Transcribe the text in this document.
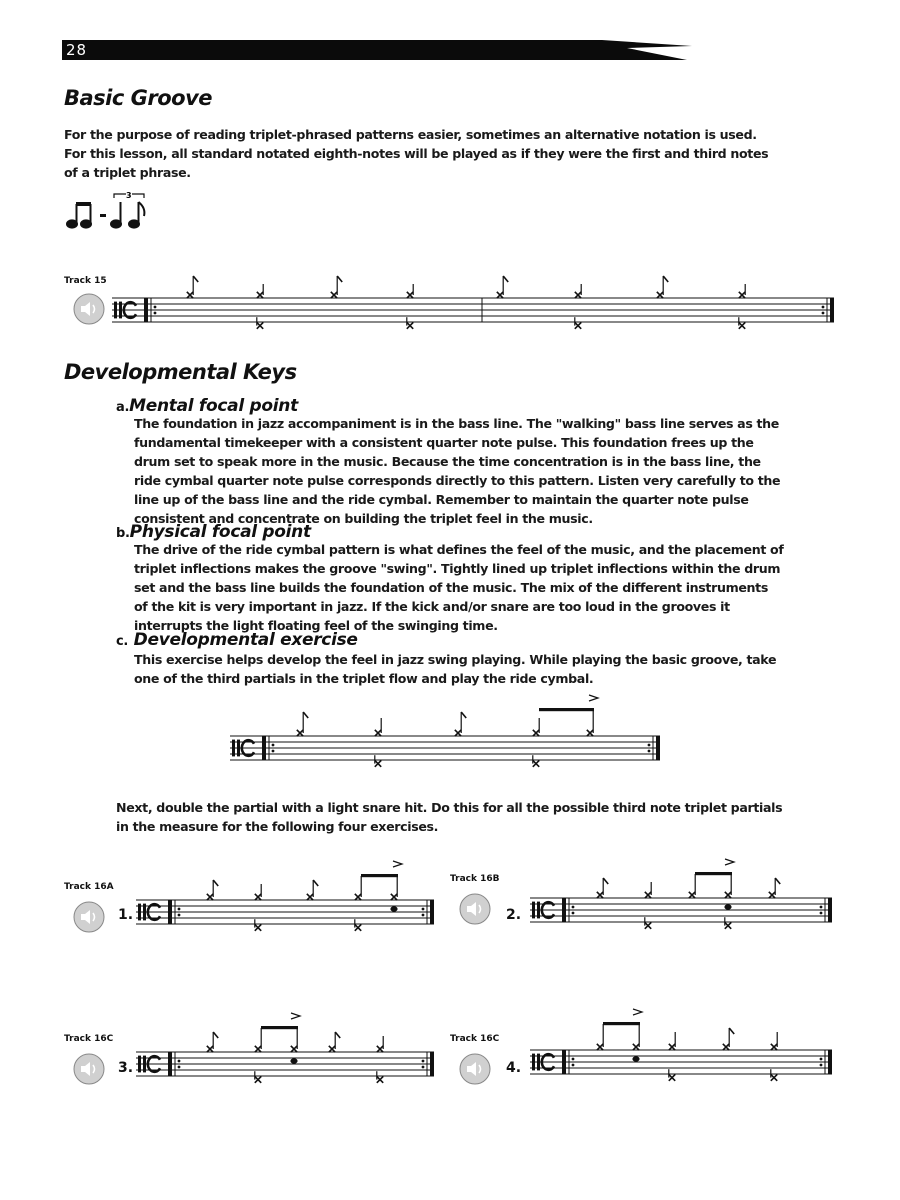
28
Basic Groove

For the purpose of reading triplet-phrased patterns easier, sometimes an alternative notation is used.
For this lesson, all standard notated eighth-notes will be played as if they were the first and third notes
of a triplet phrase.

3
Track 15
Developmental Keys
a.Mental focal point

The foundation in jazz accompaniment is in the bass line. The "walking" bass line serves as the
fundamental timekeeper with a consistent quarter note pulse. This foundation frees up the
drum set to speak more in the music. Because the time concentration is in the bass line, the
ride cymbal quarter note pulse corresponds directly to this pattern. Listen very carefully to the
line up of the bass line and the ride cymbal. Remember to maintain the quarter note pulse
consistent and concentrate on building the triplet feel in the music.

b.Physical focal point

The drive of the ride cymbal pattern is what defines the feel of the music, and the placement of
triplet inflections makes the groove "swing". Tightly lined up triplet inflections within the drum
set and the bass line builds the foundation of the music. The mix of the different instruments
of the kit is very important in jazz. If the kick and/or snare are too loud in the grooves it
interrupts the light floating feel of the swinging time.

c. Developmental exercise

This exercise helps develop the feel in jazz swing playing. While playing the basic groove, take
one of the third partials in the triplet flow and play the ride cymbal.

Next, double the partial with a light snare hit. Do this for all the possible third note triplet partials
in the measure for the following four exercises.

Track 16A
1.
Track 16B
2.
Track 16C
3.
Track 16C
4.
